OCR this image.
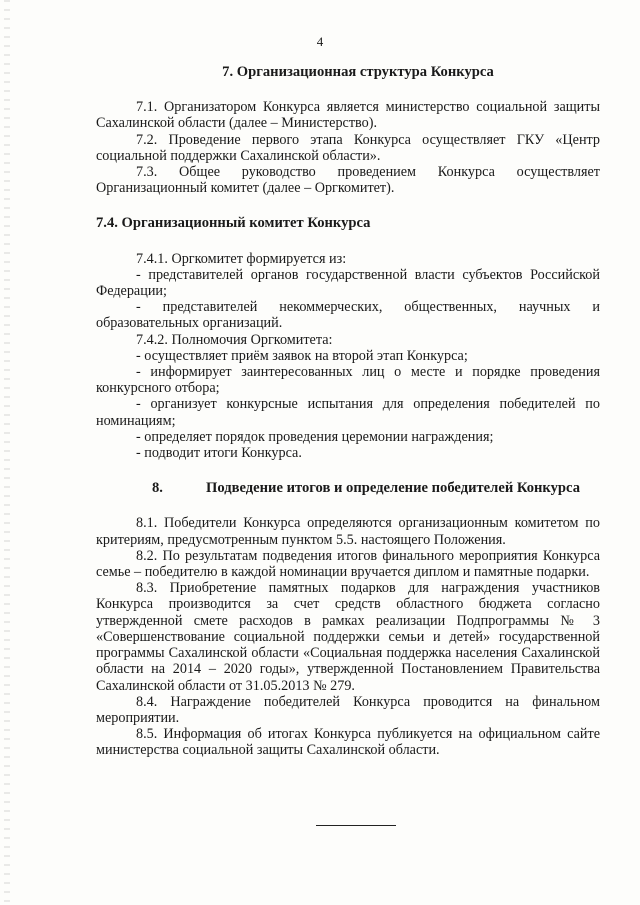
4

7. Организационная структура Конкурса

7.1. Организатором Конкурса является министерство социальной защиты Сахалинской области (далее – Министерство).

7.2. Проведение первого этапа Конкурса осуществляет ГКУ «Центр социальной поддержки Сахалинской области».

7.3. Общее руководство проведением Конкурса осуществляет Организационный комитет (далее – Оргкомитет).

7.4. Организационный комитет Конкурса

7.4.1. Оргкомитет формируется из:

- представителей органов государственной власти субъектов Российской Федерации;

- представителей некоммерческих, общественных, научных и образовательных организаций.

7.4.2. Полномочия Оргкомитета:

- осуществляет приём заявок на второй этап Конкурса;

- информирует заинтересованных лиц о месте и порядке проведения конкурсного отбора;

- организует конкурсные испытания для определения победителей по номинациям;

- определяет порядок проведения церемонии награждения;

- подводит итоги Конкурса.

8.	Подведение итогов и определение победителей Конкурса

8.1. Победители Конкурса определяются организационным комитетом по критериям, предусмотренным пунктом 5.5. настоящего Положения.

8.2. По результатам подведения итогов финального мероприятия Конкурса семье – победителю в каждой номинации вручается диплом и памятные подарки.

8.3. Приобретение памятных подарков для награждения участников Конкурса производится за счет средств областного бюджета согласно утвержденной смете расходов в рамках реализации Подпрограммы № 3 «Совершенствование социальной поддержки семьи и детей» государственной программы Сахалинской области «Социальная поддержка населения Сахалинской области на 2014 – 2020 годы», утвержденной Постановлением Правительства Сахалинской области от 31.05.2013 № 279.

8.4. Награждение победителей Конкурса проводится на финальном мероприятии.

8.5. Информация об итогах Конкурса публикуется на официальном сайте министерства социальной защиты Сахалинской области.
